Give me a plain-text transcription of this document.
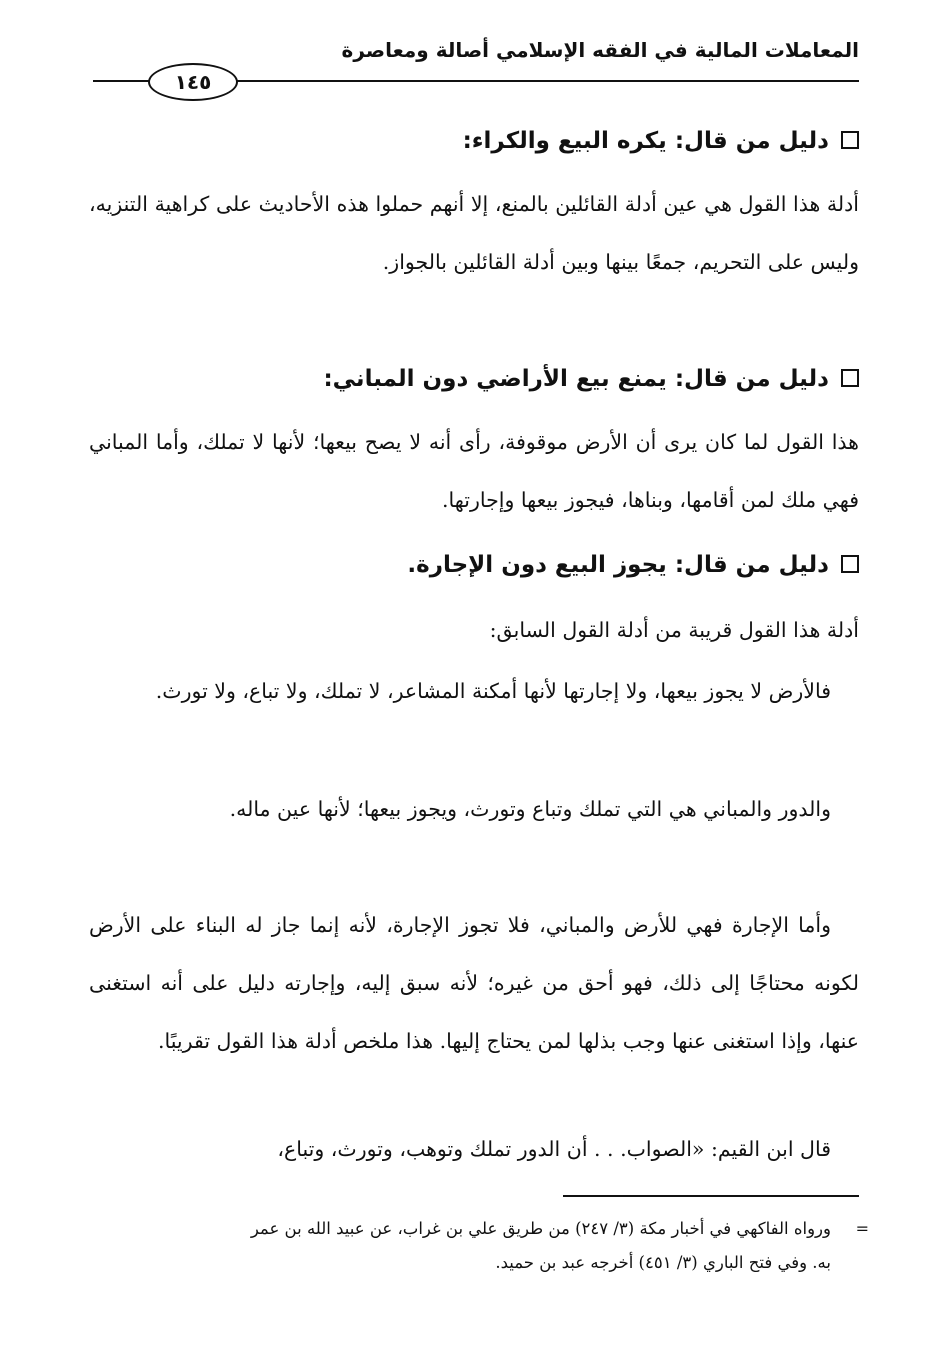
المعاملات المالية في الفقه الإسلامي أصالة ومعاصرة
١٤٥
دليل من قال: يكره البيع والكراء:

أدلة هذا القول هي عين أدلة القائلين بالمنع، إلا أنهم حملوا هذه الأحاديث على كراهية التنزيه، وليس على التحريم، جمعًا بينها وبين أدلة القائلين بالجواز.

دليل من قال: يمنع بيع الأراضي دون المباني:

هذا القول لما كان يرى أن الأرض موقوفة، رأى أنه لا يصح بيعها؛ لأنها لا تملك، وأما المباني فهي ملك لمن أقامها، وبناها، فيجوز بيعها وإجارتها.

دليل من قال: يجوز البيع دون الإجارة.

أدلة هذا القول قريبة من أدلة القول السابق:

فالأرض لا يجوز بيعها، ولا إجارتها لأنها أمكنة المشاعر، لا تملك، ولا تباع، ولا تورث.

والدور والمباني هي التي تملك وتباع وتورث، ويجوز بيعها؛ لأنها عين ماله.

وأما الإجارة فهي للأرض والمباني، فلا تجوز الإجارة، لأنه إنما جاز له البناء على الأرض لكونه محتاجًا إلى ذلك، فهو أحق من غيره؛ لأنه سبق إليه، وإجارته دليل على أنه استغنى عنها، وإذا استغنى عنها وجب بذلها لمن يحتاج إليها. هذا ملخص أدلة هذا القول تقريبًا.

قال ابن القيم: «الصواب. . . أن الدور تملك وتوهب، وتورث، وتباع،

=
ورواه الفاكهي في أخبار مكة (٣/ ٢٤٧) من طريق علي بن غراب، عن عبيد الله بن عمر
به. وفي فتح الباري (٣/ ٤٥١) أخرجه عبد بن حميد.
